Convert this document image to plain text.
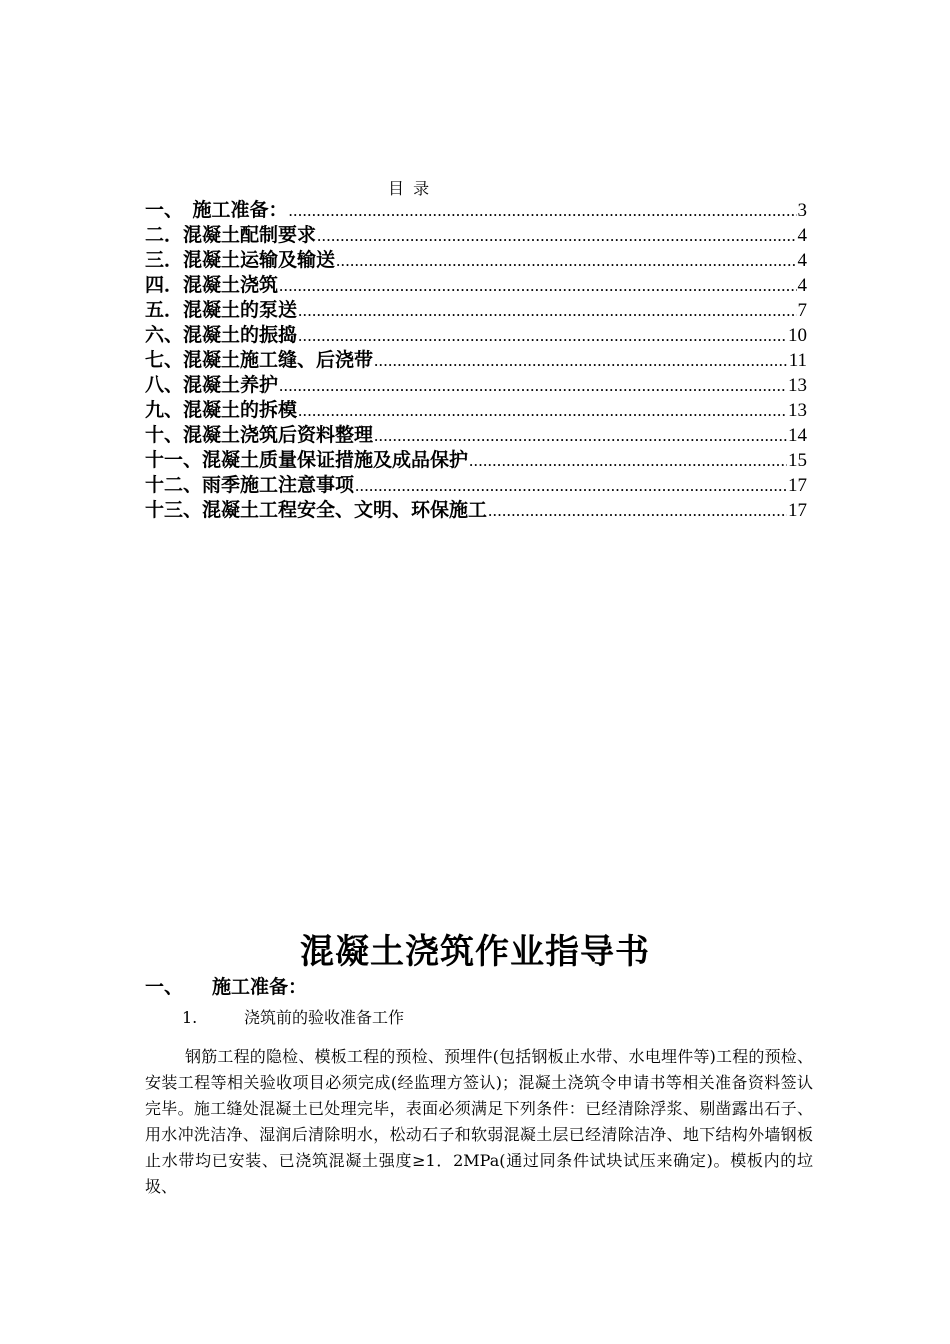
目 录
一、　施工准备： .....	3
二．混凝土配制要求 .....	4
三．混凝土运输及输送 .....	4
四．混凝土浇筑 .....	4
五．混凝土的泵送 .....	7
六、混凝土的振捣 .....	10
七、混凝土施工缝、后浇带 .....	11
八、混凝土养护 .....	13
九、混凝土的拆模 .....	13
十、混凝土浇筑后资料整理 .....	14
十一、混凝土质量保证措施及成品保护 .....	15
十二、雨季施工注意事项 .....	17
十三、混凝土工程安全、文明、环保施工 .....	17
混凝土浇筑作业指导书
一、 施工准备：
1.	浇筑前的验收准备工作

钢筋工程的隐检、模板工程的预检、预埋件(包括钢板止水带、水电埋件等)工程的预检、安装工程等相关验收项目必须完成(经监理方签认)；混凝土浇筑令申请书等相关准备资料签认完毕。施工缝处混凝土已处理完毕，表面必须满足下列条件：已经清除浮浆、剔凿露出石子、用水冲洗洁净、湿润后清除明水，松动石子和软弱混凝土层已经清除洁净、地下结构外墙钢板止水带均已安装、已浇筑混凝土强度≥1．2MPa(通过同条件试块试压来确定)。模板内的垃圾、
